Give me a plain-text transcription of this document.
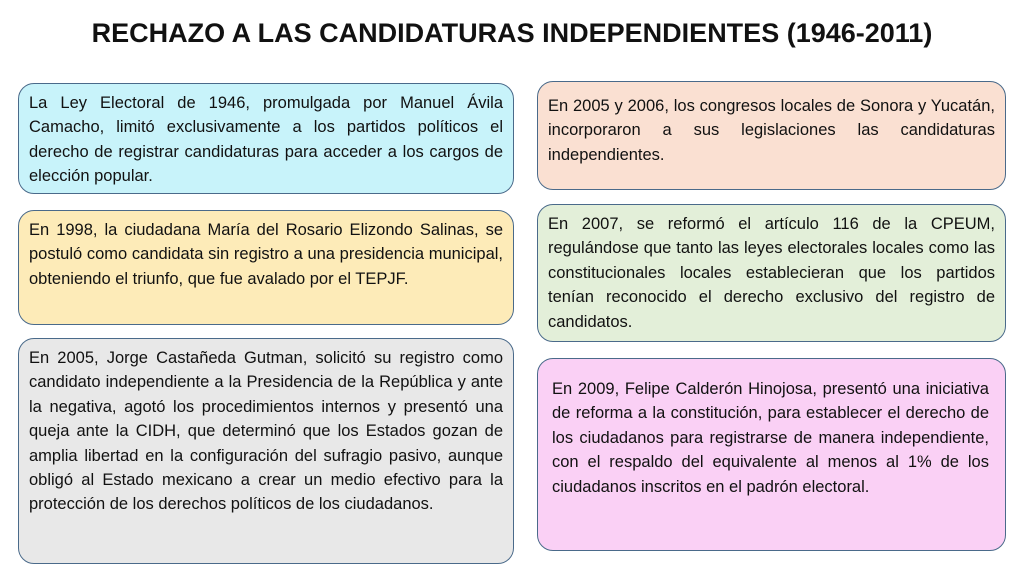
RECHAZO A LAS CANDIDATURAS INDEPENDIENTES (1946-2011)
La Ley Electoral de 1946, promulgada por Manuel Ávila Camacho, limitó exclusivamente a los partidos políticos el derecho de registrar candidaturas para acceder a los cargos de elección popular.
En 1998, la ciudadana María del Rosario Elizondo Salinas, se postuló como candidata sin registro a una presidencia municipal, obteniendo el triunfo, que fue avalado por el TEPJF.
En 2005, Jorge Castañeda Gutman, solicitó su registro como candidato independiente a la Presidencia de la República y ante la negativa, agotó los procedimientos internos y presentó una queja ante la CIDH, que determinó que los Estados gozan de amplia libertad en la configuración del sufragio pasivo, aunque obligó al Estado mexicano a crear un medio efectivo para la protección de los derechos políticos de los ciudadanos.
En 2005 y 2006, los congresos locales de Sonora y Yucatán, incorporaron a sus legislaciones las candidaturas independientes.
En 2007, se reformó el artículo 116 de la CPEUM, regulándose que tanto las leyes electorales locales como las constitucionales locales establecieran que los partidos tenían reconocido el derecho exclusivo del registro de candidatos.
En 2009, Felipe Calderón Hinojosa, presentó una iniciativa de reforma a la constitución, para establecer el derecho de los ciudadanos para registrarse de manera independiente, con el respaldo del equivalente al menos al 1% de los ciudadanos inscritos en el padrón electoral.
